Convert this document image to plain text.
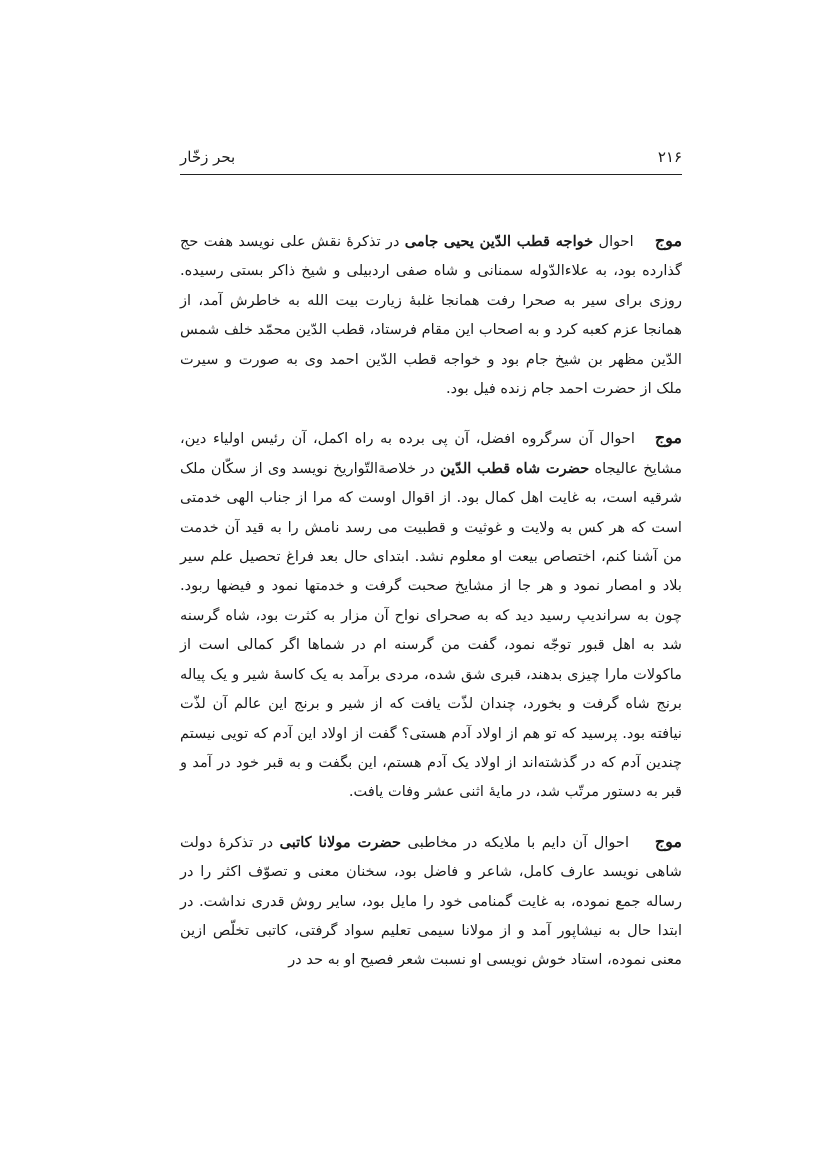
۲۱۶
بحر زخّار

موج    احوال خواجه قطب الدّین یحیی جامی در تذکرهٔ نقش علی نویسد هفت حج گذارده بود، به علاءالدّوله سمنانی و شاه صفی اردبیلی و شیخ ذاکر بستی رسیده. روزی برای سیر به صحرا رفت همانجا غلبهٔ زیارت بیت الله به خاطرش آمد، از همانجا عزم کعبه کرد و به اصحاب این مقام فرستاد، قطب الدّین محمّد خلف شمس الدّین مظهر بن شیخ جام بود و خواجه قطب الدّین احمد وی به صورت و سیرت ملک از حضرت احمد جام زنده فیل بود.

موج   احوال آن سرگروه افضل، آن پی برده به راه اکمل، آن رئیس اولیاء دین، مشایخ عالیجاه حضرت شاه قطب الدّین در خلاصةالتّواریخ نویسد وی از سکّان ملک شرقیه است، به غایت اهل کمال بود. از اقوال اوست که مرا از جناب الهی خدمتی است که هر کس به ولایت و غوثیت و قطبیت می رسد نامش را به قید آن خدمت من آشنا کنم، اختصاص بیعت او معلوم نشد. ابتدای حال بعد فراغ تحصیل علم سیر بلاد و امصار نمود و هر جا از مشایخ صحبت گرفت و خدمتها نمود و فیضها ربود. چون به سراندیپ رسید دید که به صحرای نواح آن مزار به کثرت بود، شاه گرسنه شد به اهل قبور توجّه نمود، گفت من گرسنه ام در شماها اگر کمالی است از ماکولات مارا چیزی بدهند، قبری شق شده، مردی برآمد به یک کاسهٔ شیر و یک پیاله برنج شاه گرفت و بخورد، چندان لذّت یافت که از شیر و برنج این عالم آن لذّت نیافته بود. پرسید که تو هم از اولاد آدم هستی؟ گفت از اولاد این آدم که تویی نیستم چندین آدم که در گذشته‌اند از اولاد یک آدم هستم، این بگفت و به قبر خود در آمد و قبر به دستور مرتّب شد، در مایهٔ اثنی عشر وفات یافت.

موج    احوال آن دایم با ملایکه در مخاطبی حضرت مولانا کاتبی در تذکرهٔ دولت شاهی نویسد عارف کامل، شاعر و فاضل بود، سخنان معنی و تصوّف اکثر را در رساله جمع نموده، به غایت گمنامی خود را مایل بود، سایر روش قدری نداشت. در ابتدا حال به نیشاپور آمد و از مولانا سیمی تعلیم سواد گرفتی، کاتبی تخلّص ازین معنی نموده، استاد خوش نویسی او نسبت شعر فصیح او به حد در
